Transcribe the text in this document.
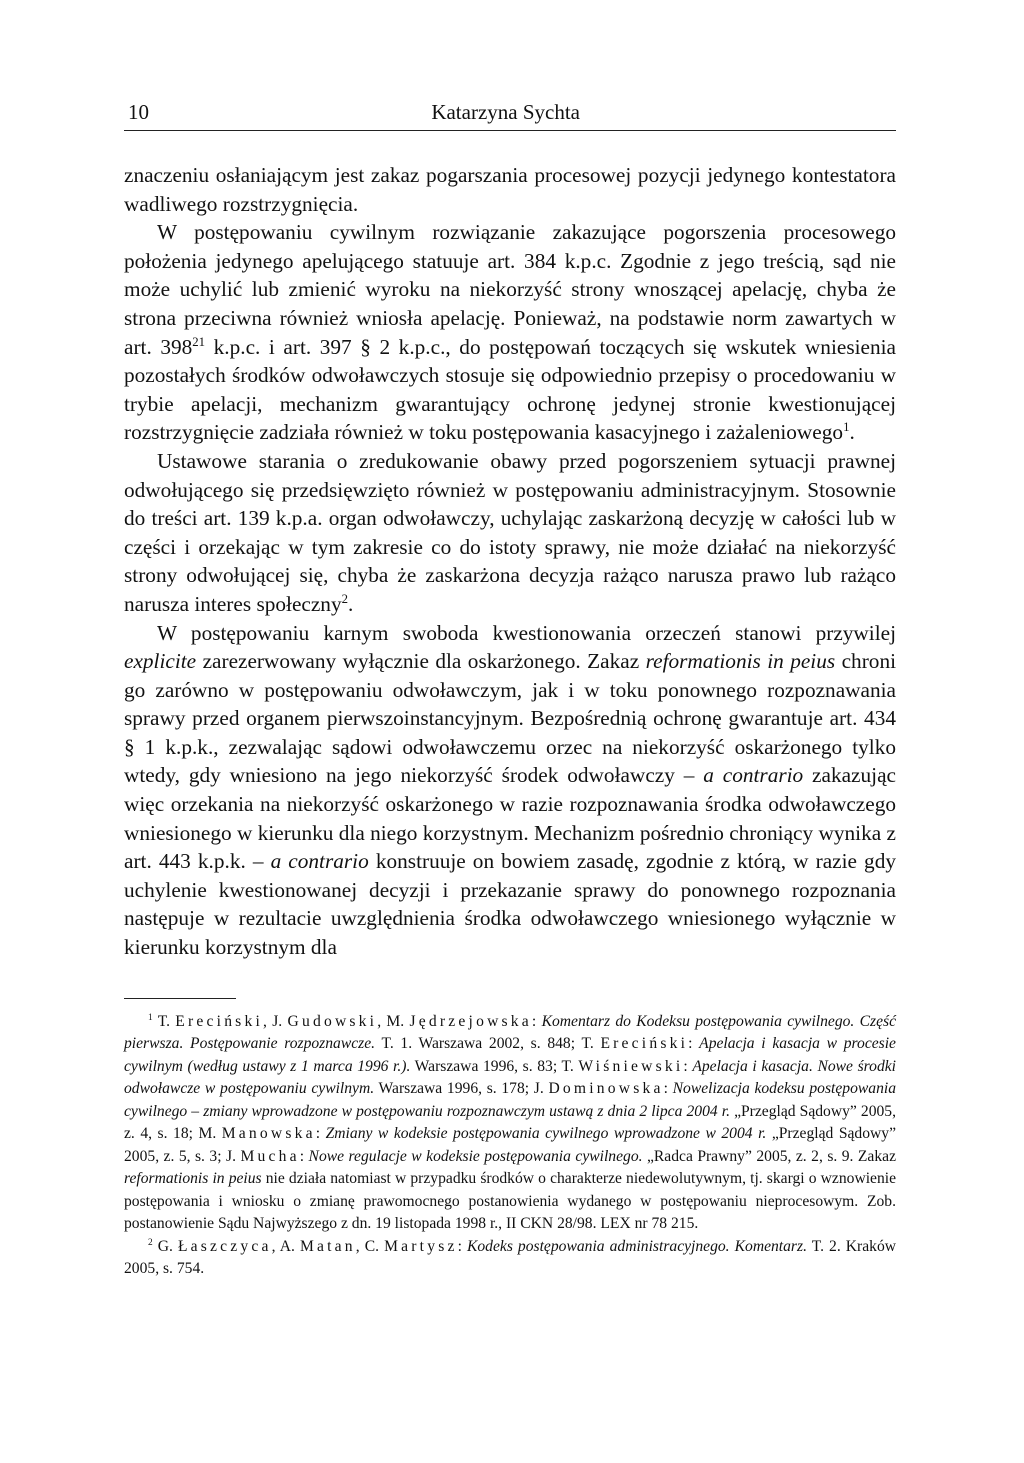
10	Katarzyna Sychta

znaczeniu osłaniającym jest zakaz pogarszania procesowej pozycji jedynego kontestatora wadliwego rozstrzygnięcia.

W postępowaniu cywilnym rozwiązanie zakazujące pogorszenia procesowego położenia jedynego apelującego statuuje art. 384 k.p.c. Zgodnie z jego treścią, sąd nie może uchylić lub zmienić wyroku na niekorzyść strony wnoszącej apelację, chyba że strona przeciwna również wniosła apelację. Ponieważ, na podstawie norm zawartych w art. $398^{21}$ k.p.c. i art. 397 § 2 k.p.c., do postępowań toczących się wskutek wniesienia pozostałych środków odwoławczych stosuje się odpowiednio przepisy o procedowaniu w trybie apelacji, mechanizm gwarantujący ochronę jedynej stronie kwestionującej rozstrzygnięcie zadziała również w toku postępowania kasacyjnego i zażaleniowego$^1$.

Ustawowe starania o zredukowanie obawy przed pogorszeniem sytuacji prawnej odwołującego się przedsięwzięto również w postępowaniu administracyjnym. Stosownie do treści art. 139 k.p.a. organ odwoławczy, uchylając zaskarżoną decyzję w całości lub w części i orzekając w tym zakresie co do istoty sprawy, nie może działać na niekorzyść strony odwołującej się, chyba że zaskarżona decyzja rażąco narusza prawo lub rażąco narusza interes społeczny$^2$.

W postępowaniu karnym swoboda kwestionowania orzeczeń stanowi przywilej explicite zarezerwowany wyłącznie dla oskarżonego. Zakaz reformationis in peius chroni go zarówno w postępowaniu odwoławczym, jak i w toku ponownego rozpoznawania sprawy przed organem pierwszoinstancyjnym. Bezpośrednią ochronę gwarantuje art. 434 § 1 k.p.k., zezwalając sądowi odwoławczemu orzec na niekorzyść oskarżonego tylko wtedy, gdy wniesiono na jego niekorzyść środek odwoławczy – a contrario zakazując więc orzekania na niekorzyść oskarżonego w razie rozpoznawania środka odwoławczego wniesionego w kierunku dla niego korzystnym. Mechanizm pośrednio chroniący wynika z art. 443 k.p.k. – a contrario konstruuje on bowiem zasadę, zgodnie z którą, w razie gdy uchylenie kwestionowanej decyzji i przekazanie sprawy do ponownego rozpoznania następuje w rezultacie uwzględnienia środka odwoławczego wniesionego wyłącznie w kierunku korzystnym dla

$^1$ T. Ereciński, J. Gudowski, M. Jędrzejowska: Komentarz do Kodeksu postępowania cywilnego. Część pierwsza. Postępowanie rozpoznawcze. T. 1. Warszawa 2002, s. 848; T. Ereciński: Apelacja i kasacja w procesie cywilnym (według ustawy z 1 marca 1996 r.). Warszawa 1996, s. 83; T. Wiśniewski: Apelacja i kasacja. Nowe środki odwoławcze w postępowaniu cywilnym. Warszawa 1996, s. 178; J. Dominowska: Nowelizacja kodeksu postępowania cywilnego – zmiany wprowadzone w postępowaniu rozpoznawczym ustawą z dnia 2 lipca 2004 r. „Przegląd Sądowy” 2005, z. 4, s. 18; M. Manowska: Zmiany w kodeksie postępowania cywilnego wprowadzone w 2004 r. „Przegląd Sądowy” 2005, z. 5, s. 3; J. Mucha: Nowe regulacje w kodeksie postępowania cywilnego. „Radca Prawny” 2005, z. 2, s. 9. Zakaz reformationis in peius nie działa natomiast w przypadku środków o charakterze niedewolutywnym, tj. skargi o wznowienie postępowania i wniosku o zmianę prawomocnego postanowienia wydanego w postępowaniu nieprocesowym. Zob. postanowienie Sądu Najwyższego z dn. 19 listopada 1998 r., II CKN 28/98. LEX nr 78 215.

$^2$ G. Łaszczyca, A. Matan, C. Martysz: Kodeks postępowania administracyjnego. Komentarz. T. 2. Kraków 2005, s. 754.
